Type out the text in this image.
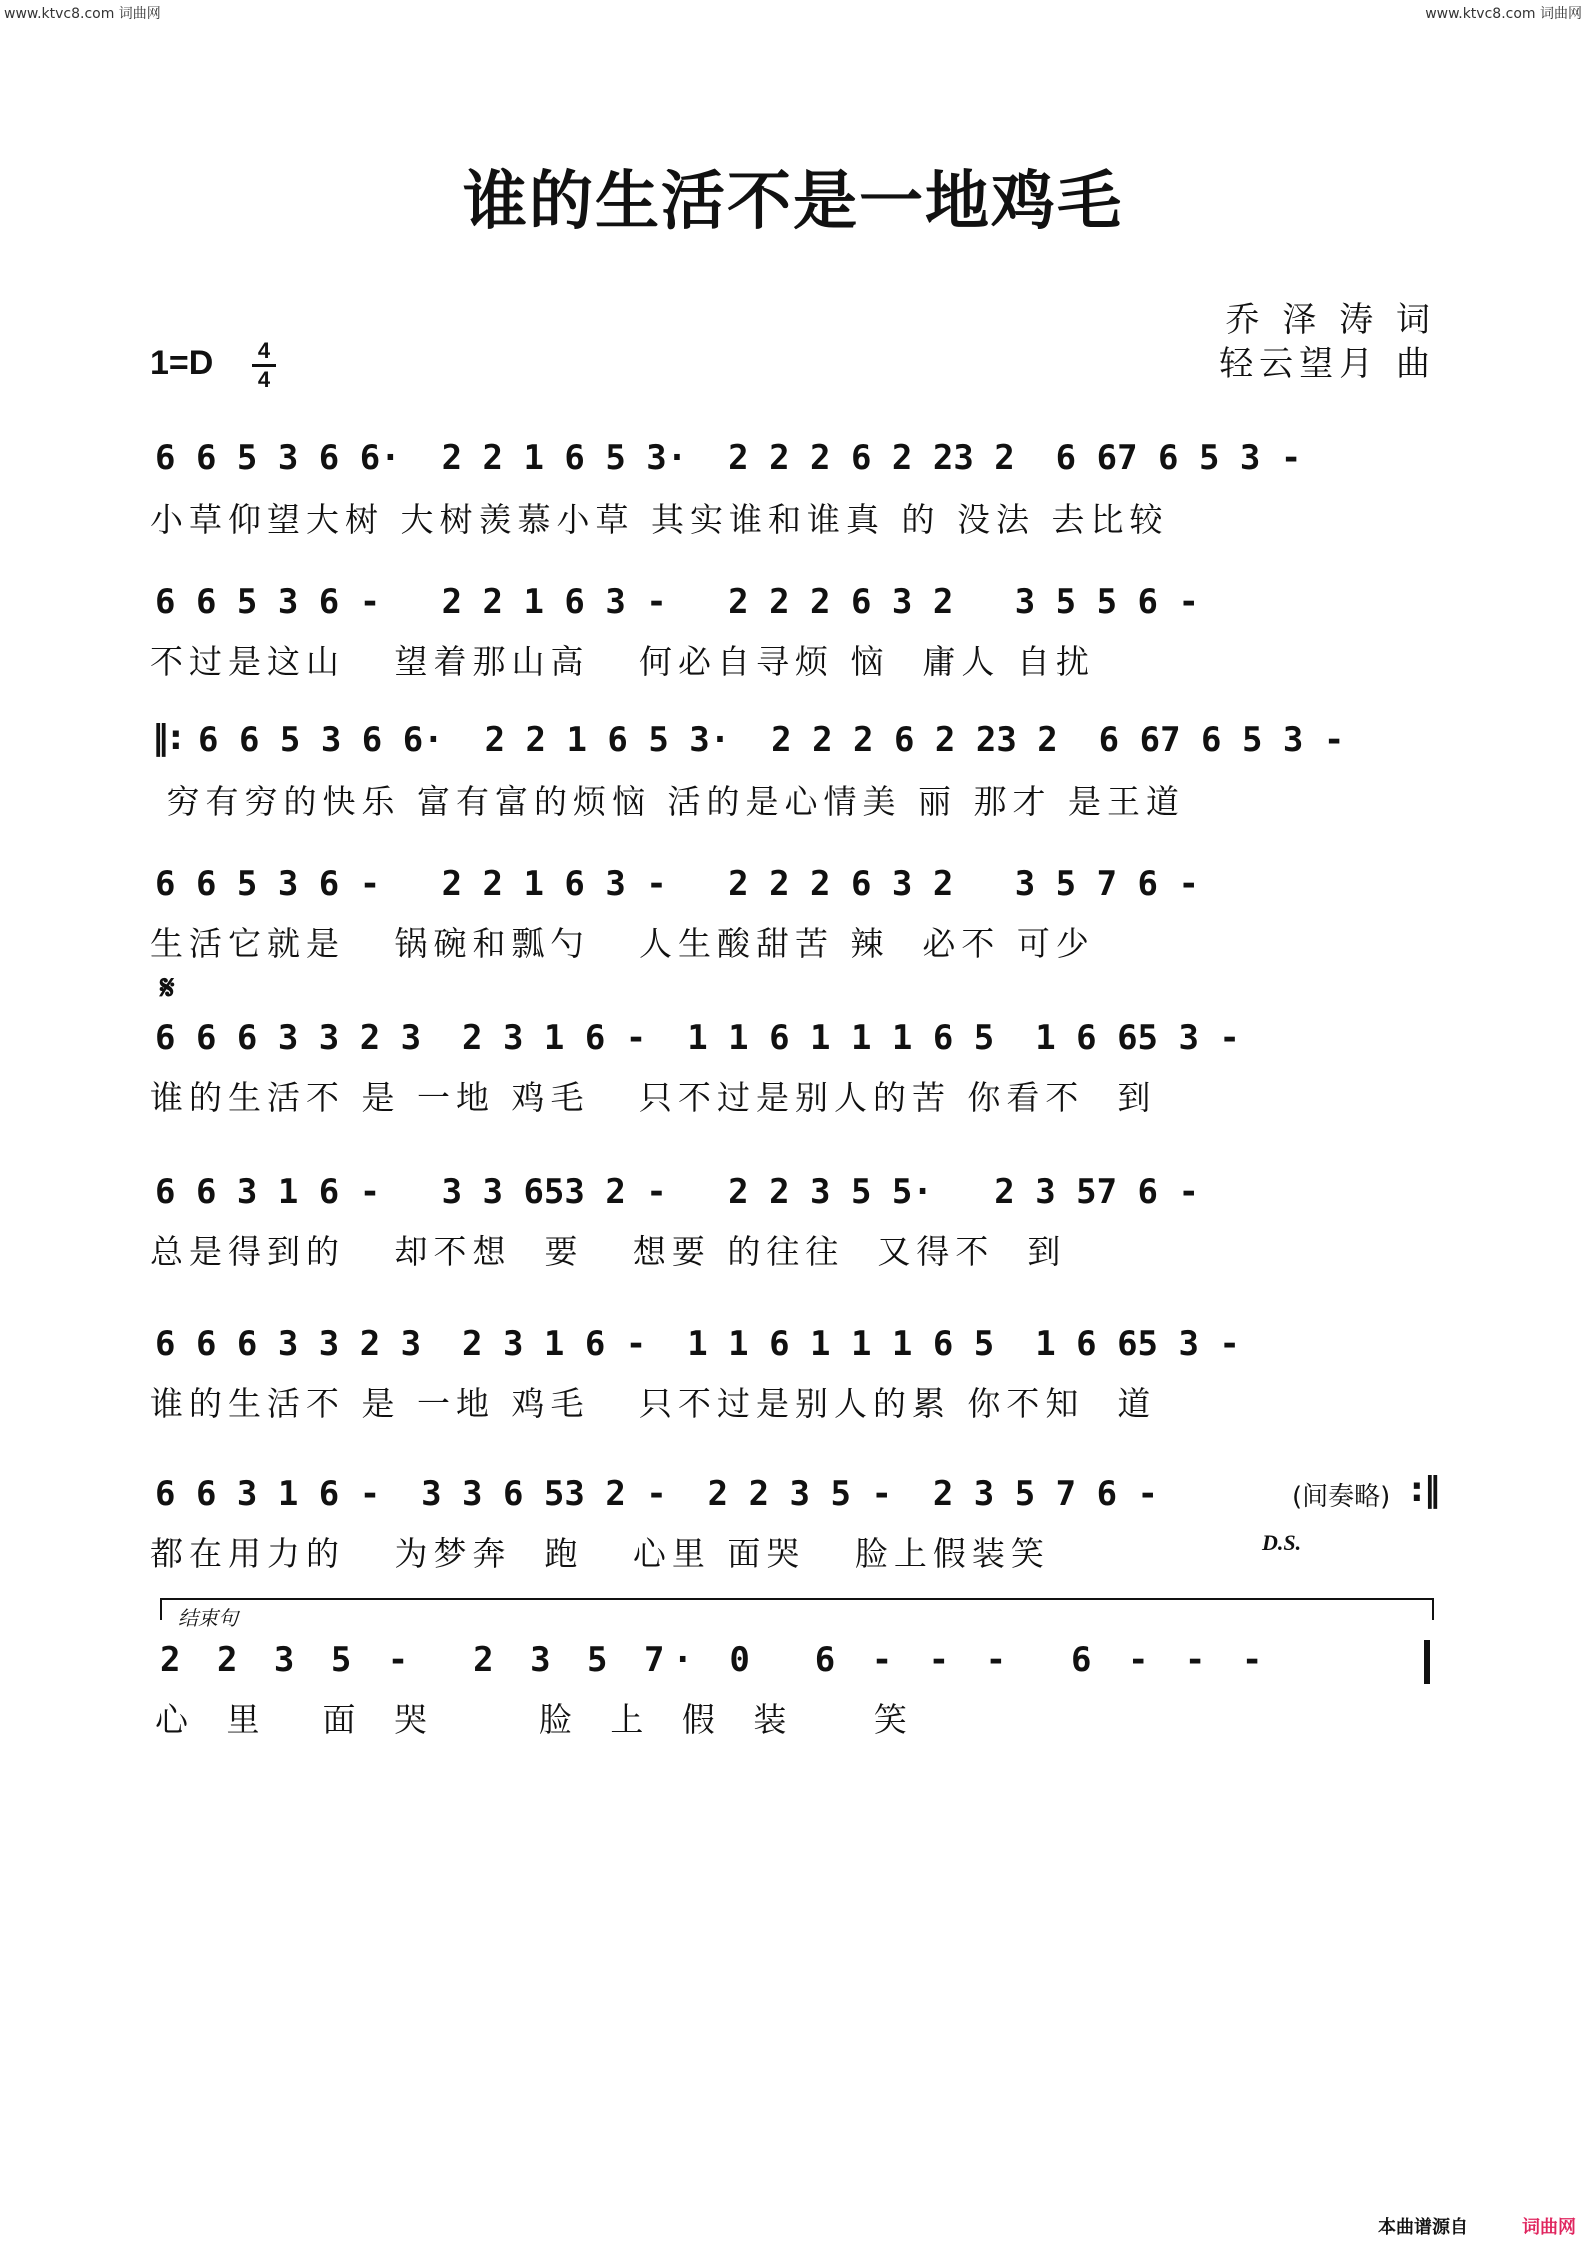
www.ktvc8.com 词曲网	www.ktvc8.com 词曲网
谁的生活不是一地鸡毛
乔 泽 涛 词
轻云望月 曲
1=D 4
4
6 6 5 3 6 6·  2 2 1 6 5 3·  2 2 2 6 2 23 2  6 67 6 5 3 -
小草仰望大树 大树羡慕小草 其实谁和谁真 的 没法 去比较
6 6 5 3 6 -   2 2 1 6 3 -   2 2 2 6 3 2   3 5 5 6 -
不过是这山   望着那山高   何必自寻烦 恼  庸人 自扰
‖: 6 6 5 3 6 6·  2 2 1 6 5 3·  2 2 2 6 2 23 2  6 67 6 5 3 -
穷有穷的快乐 富有富的烦恼 活的是心情美 丽 那才 是王道
6 6 5 3 6 -   2 2 1 6 3 -   2 2 2 6 3 2   3 5 7 6 -
生活它就是   锅碗和瓢勺   人生酸甜苦 辣  必不 可少
𝄋
6 6 6 3 3 2 3  2 3 1 6 -  1 1 6 1 1 1 6 5  1 6 65 3 -
谁的生活不 是 一地 鸡毛   只不过是别人的苦 你看不  到
6 6 3 1 6 -   3 3 653 2 -   2 2 3 5 5·   2 3 57 6 -
总是得到的   却不想  要   想要 的往往  又得不  到
6 6 6 3 3 2 3  2 3 1 6 -  1 1 6 1 1 1 6 5  1 6 65 3 -
谁的生活不 是 一地 鸡毛   只不过是别人的累 你不知  道
6 6 3 1 6 -  3 3 6 53 2 -  2 2 3 5 -  2 3 5 7 6 -	(间奏略) :‖
都在用力的   为梦奔  跑   心里 面哭   脸上假装笑	D.S.
结束句
2 2 3 5 -  2 3 5 7· 0  6 - - -  6 - - -
心 里  面 哭    脸 上 假 装   笑
本曲谱源自	词曲网
